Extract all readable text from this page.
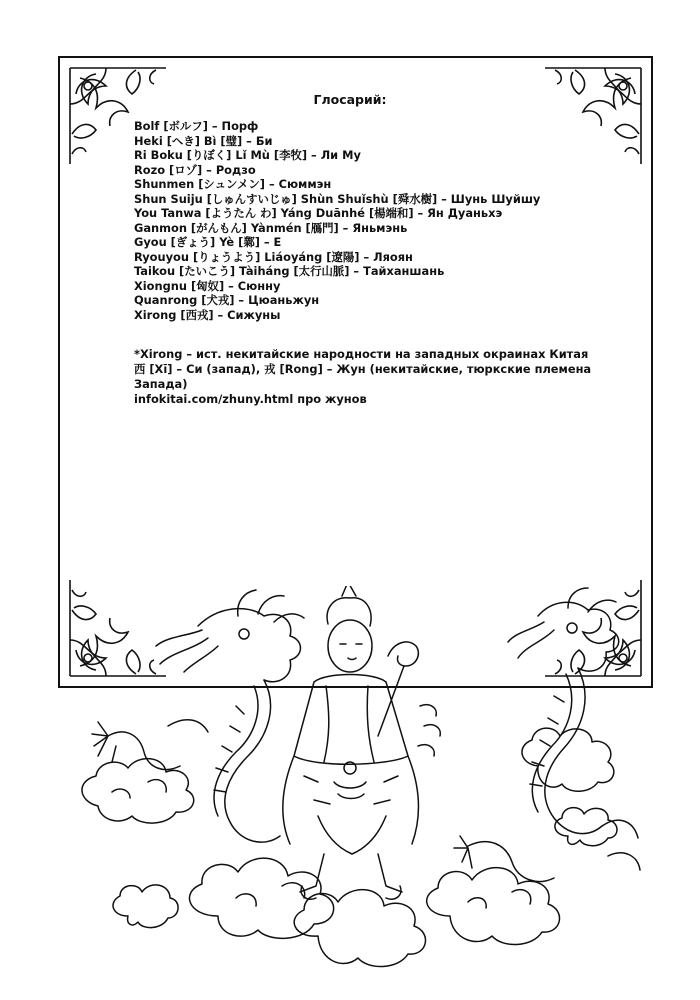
Глосарий:
Bolf [ボルフ] – Порф
Heki [へき] Bì [璧] – Би
Ri Boku [りぼく] Lǐ Mù [李牧] – Ли Му
Rozo [ロゾ] – Родзо
Shunmen [シュンメン] – Сюммэн
Shun Suiju [しゅんすいじゅ] Shùn Shuǐshù [舜水樹] – Шунь Шуйшу
You Tanwa [ようたん わ] Yáng Duānhé [楊端和] – Ян Дуаньхэ
Ganmon [がんもん] Yànmén [鴈門] – Яньмэнь
Gyou [ぎょう] Yè [鄴] – Е
Ryouyou [りょうよう] Liáoyáng [遼陽] – Ляоян
Taikou [たいこう] Tàiháng [太行山脈] – Тайханшань
Xiongnu [匈奴] – Сюнну
Quanrong [犬戎] – Цюаньжун
Xirong [西戎] – Сижуны
*Xirong – ист. некитайские народности на западных окраинах Китая
西 [Xī] – Си (запад), 戎 [Rong] – Жун (некитайские, тюркские племена Запада)
infokitai.com/zhuny.html про жунов
